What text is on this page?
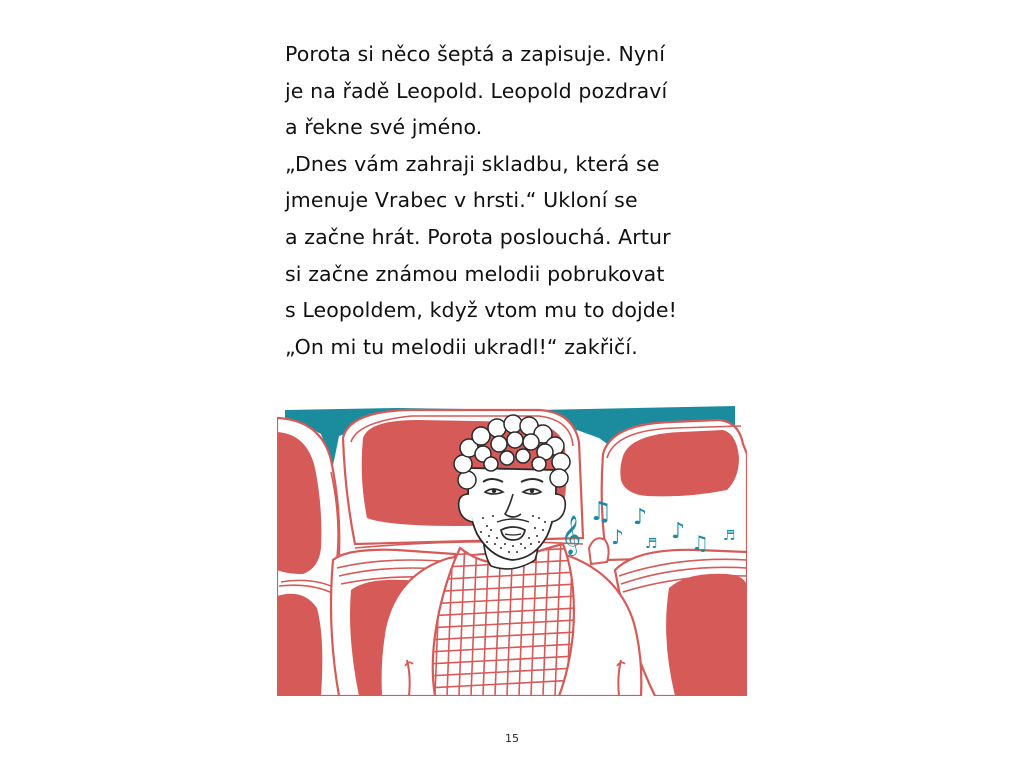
Porota si něco šeptá a zapisuje. Nyní
je na řadě Leopold. Leopold pozdraví
a řekne své jméno.
„Dnes vám zahraji skladbu, která se
jmenuje Vrabec v hrsti.“ Ukloní se
a začne hrát. Porota poslouchá. Artur
si začne známou melodii pobrukovat
s Leopoldem, když vtom mu to dojde!
„On mi tu melodii ukradl!“ zakřičí.
𝄞
♫
♪
♪
♬ ♪ ♫ ♬
15
